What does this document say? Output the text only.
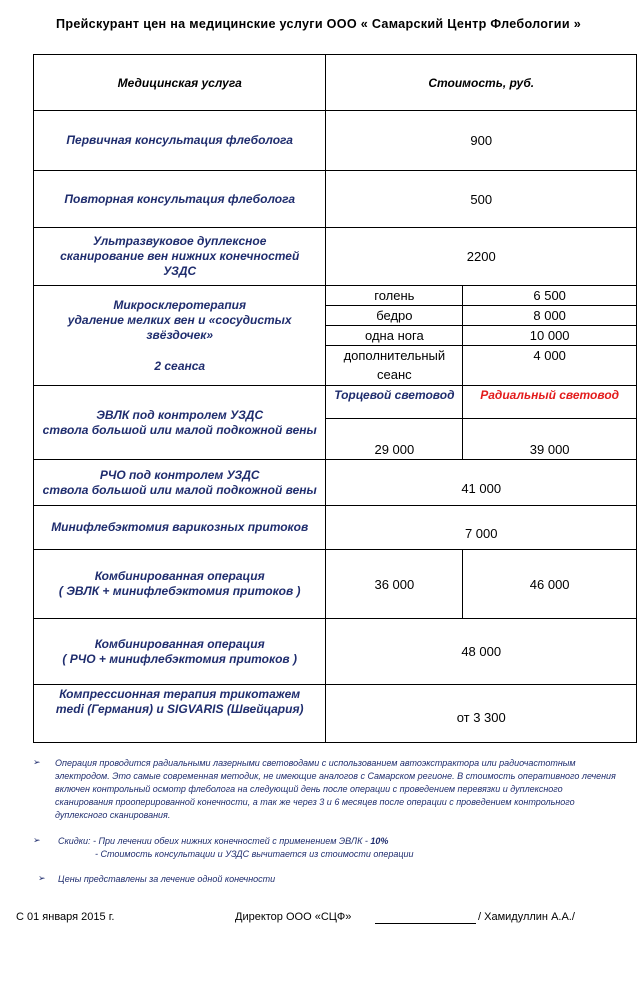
Прейскурант цен на медицинские услуги ООО « Самарский Центр Флебологии »
Медицинская услуга	Стоимость, руб.	
Первичная консультация флеболога	900	
Повторная консультация флеболога	500	

Ультразвуковое дуплексное
сканирование вен нижних конечностей
УЗДС	2200	

Микросклеротерапия
удаление мелких вен и «сосудистых звёздочек»
2 сеанса	голень	6 500
	бедро	8 000
	одна нога	10 000

	дополнительный
сеанс	4 000

ЭВЛК под контролем УЗДС
ствола большой или малой подкожной вены	Торцевой световод	Радиальный световод
	29 000	39 000

РЧО под контролем УЗДС
ствола большой или малой подкожной вены	41 000	
Минифлебэктомия варикозных притоков	7 000	

Комбинированная операция
( ЭВЛК + минифлебэктомия притоков )	36 000	46 000

Комбинированная операция
( РЧО + минифлебэктомия притоков )	48 000	

Компрессионная терапия трикотажем
medi (Германия) и SIGVARIS (Швейцария)	от 3 300	
➢ Операция проводится радиальными лазерными световодами с использованием автоэкстрактора или радиочастотным
электродом. Это самые современная методик, не имеющие аналогов с Самарском регионе. В стоимость оперативного лечения
включен контрольный осмотр флеболога на следующий день после операции с проведением перевязки и дуплексного
сканирования прооперированной конечности, а так же через 3 и 6 месяцев после операции с проведением контрольного
дуплексного сканирования.
➢ Скидки: - При лечении обеих нижних конечностей с применением ЭВЛК - 10%
- Стоимость консультации и УЗДС вычитается из стоимости операции
➢ Цены представлены за лечение одной конечности
С 01 января 2015 г.	Директор ООО «СЦФ»	/ Хамидуллин А.А./
